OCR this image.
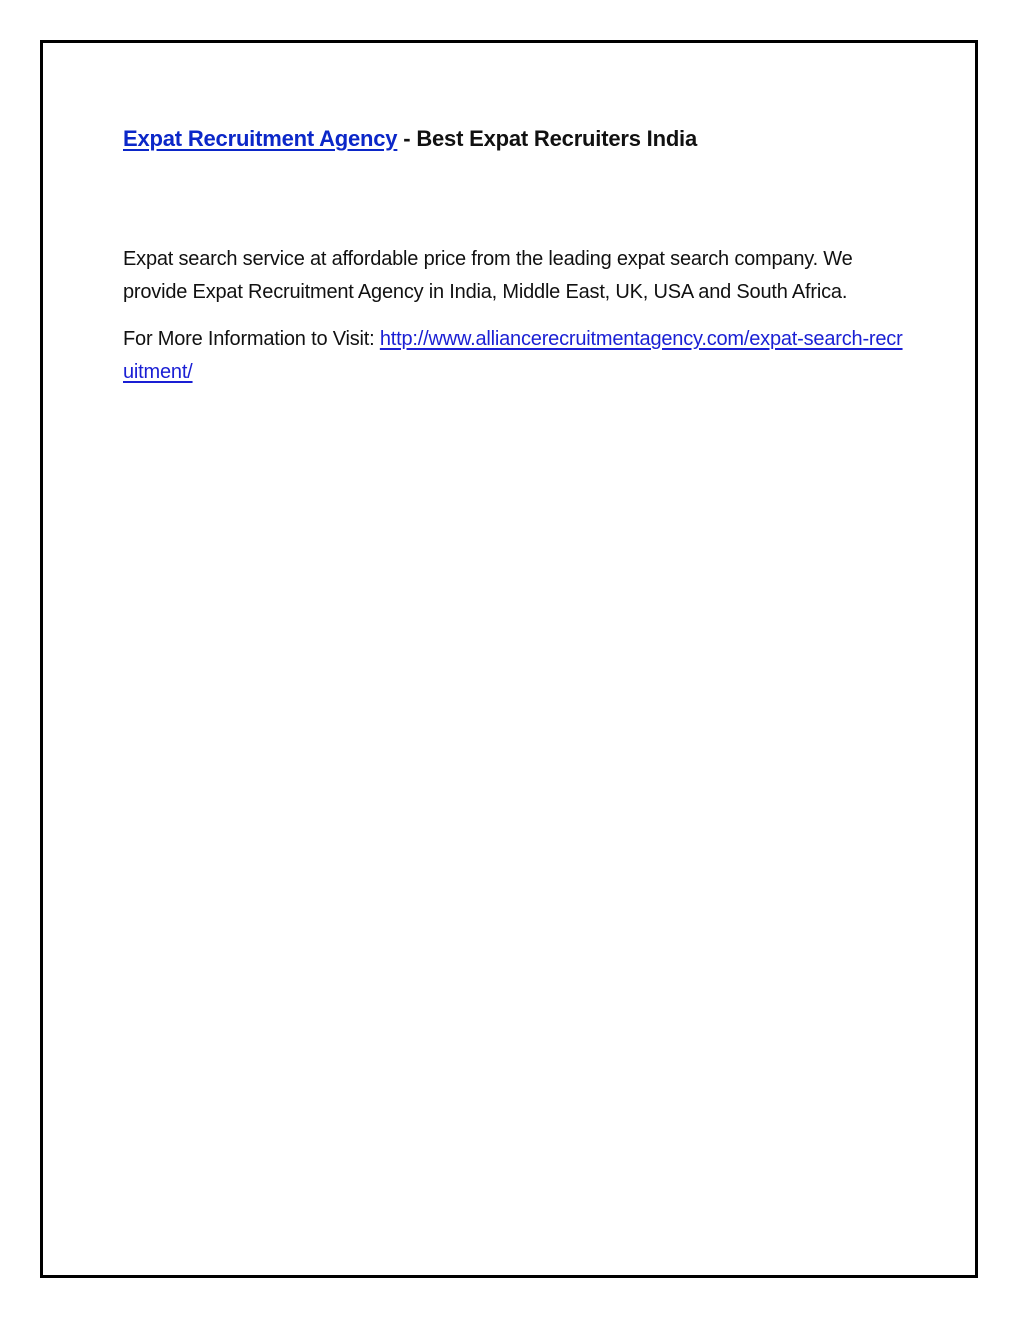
Expat Recruitment Agency - Best Expat Recruiters India

Expat search service at affordable price from the leading expat search company. We provide Expat Recruitment Agency in India, Middle East, UK, USA and South Africa.

For More Information to Visit: http://www.alliancerecruitmentagency.com/expat-search-recruitment/
